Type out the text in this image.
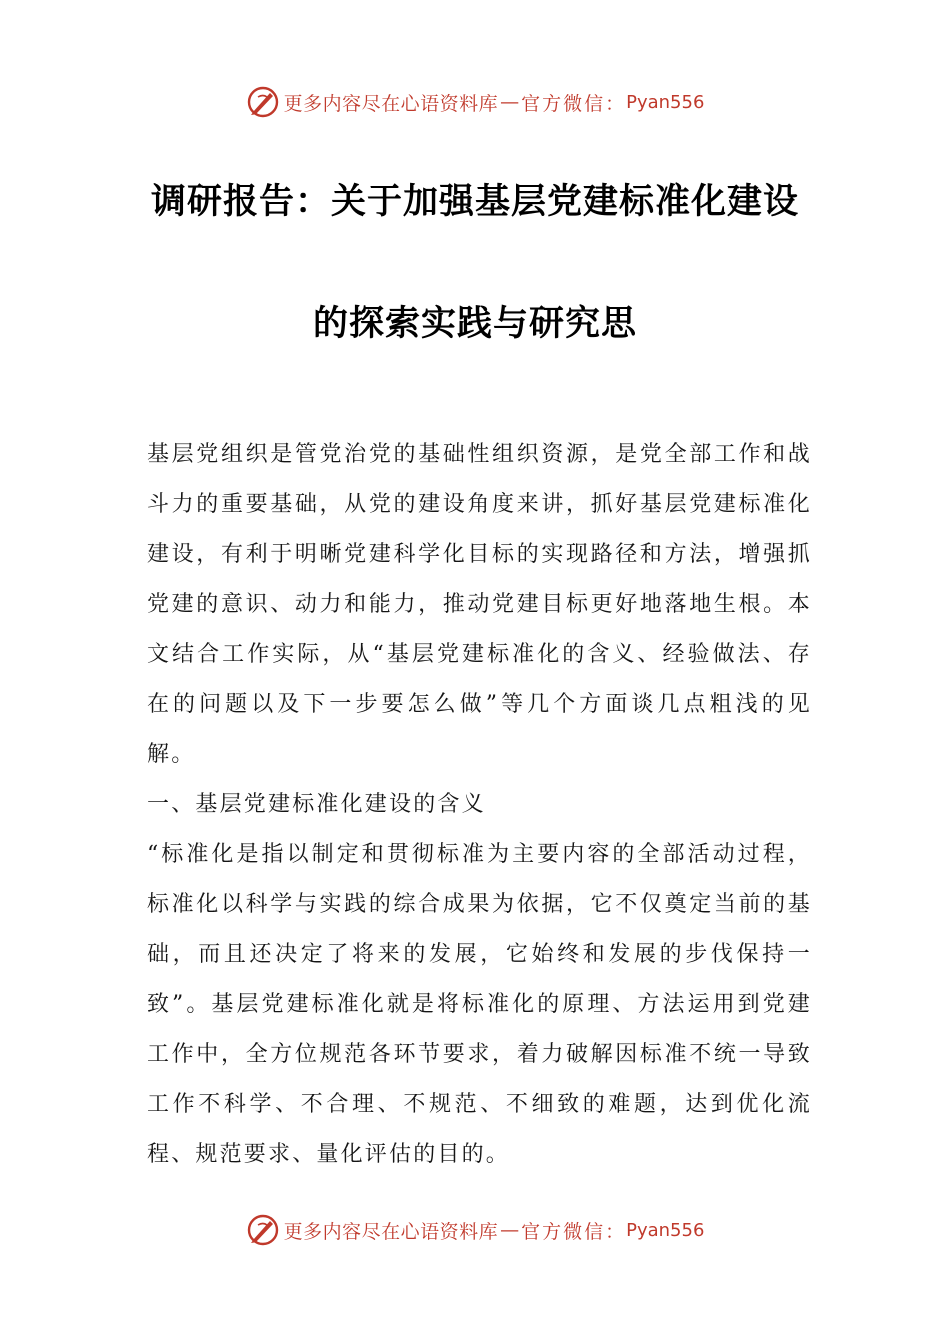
更多内容尽在心语资料库 — 官方微信： Pyan556
调研报告：关于加强基层党建标准化建设
的探索实践与研究思

基层党组织是管党治党的基础性组织资源，是党全部工作和战斗力的重要基础，从党的建设角度来讲，抓好基层党建标准化建设，有利于明晰党建科学化目标的实现路径和方法，增强抓党建的意识、动力和能力，推动党建目标更好地落地生根。本文结合工作实际，从“基层党建标准化的含义、经验做法、存在的问题以及下一步要怎么做”等几个方面谈几点粗浅的见解。

一、基层党建标准化建设的含义

“标准化是指以制定和贯彻标准为主要内容的全部活动过程，标准化以科学与实践的综合成果为依据，它不仅奠定当前的基础，而且还决定了将来的发展，它始终和发展的步伐保持一致”。基层党建标准化就是将标准化的原理、方法运用到党建工作中，全方位规范各环节要求，着力破解因标准不统一导致工作不科学、不合理、不规范、不细致的难题，达到优化流程、规范要求、量化评估的目的。

更多内容尽在心语资料库 — 官方微信： Pyan556
